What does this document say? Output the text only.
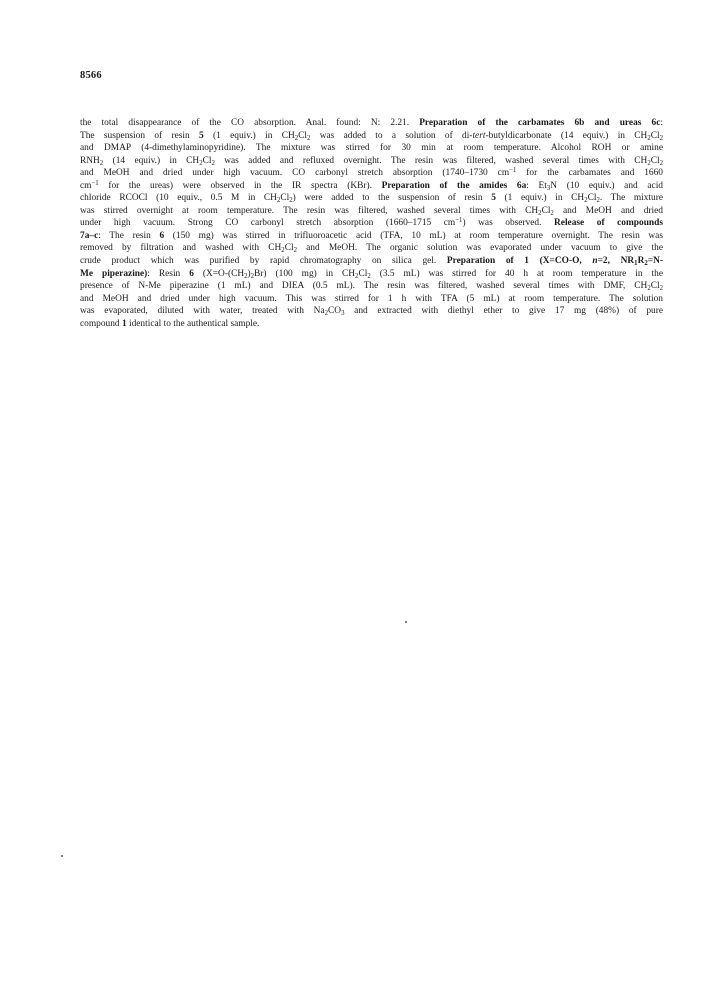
8566
the total disappearance of the CO absorption. Anal. found: N: 2.21. Preparation of the carbamates 6b and ureas 6c:
The suspension of resin 5 (1 equiv.) in $CH_2Cl_2$ was added to a solution of di-tert-butyldicarbonate (14 equiv.) in $CH_2Cl_2$
and DMAP (4-dimethylaminopyridine). The mixture was stirred for 30 min at room temperature. Alcohol ROH or amine
$RNH_2$ (14 equiv.) in $CH_2Cl_2$ was added and refluxed overnight. The resin was filtered, washed several times with $CH_2Cl_2$
and MeOH and dried under high vacuum. CO carbonyl stretch absorption (1740–1730 $cm^{-1}$ for the carbamates and 1660
$cm^{-1}$ for the ureas) were observed in the IR spectra (KBr). Preparation of the amides 6a: $Et_3N$ (10 equiv.) and acid
chloride RCOCl (10 equiv., 0.5 M in $CH_2Cl_2$) were added to the suspension of resin 5 (1 equiv.) in $CH_2Cl_2$. The mixture
was stirred overnight at room temperature. The resin was filtered, washed several times with $CH_2Cl_2$ and MeOH and dried
under high vacuum. Strong CO carbonyl stretch absorption (1660–1715 $cm^{-1}$) was observed. Release of compounds
7a–c: The resin 6 (150 mg) was stirred in trifluoroacetic acid (TFA, 10 mL) at room temperature overnight. The resin was
removed by filtration and washed with $CH_2Cl_2$ and MeOH. The organic solution was evaporated under vacuum to give the
crude product which was purified by rapid chromatography on silica gel. Preparation of 1 (X=CO-O, n=2, $NR_1R_2=N-$
Me piperazine): Resin 6 $(X=O-(CH_2)_2Br)$ (100 mg) in $CH_2Cl_2$ (3.5 mL) was stirred for 40 h at room temperature in the
presence of N-Me piperazine (1 mL) and DIEA (0.5 mL). The resin was filtered, washed several times with DMF, $CH_2Cl_2$
and MeOH and dried under high vacuum. This was stirred for 1 h with TFA (5 mL) at room temperature. The solution
was evaporated, diluted with water, treated with $Na_2CO_3$ and extracted with diethyl ether to give 17 mg (48%) of pure
compound 1 identical to the authentical sample.
